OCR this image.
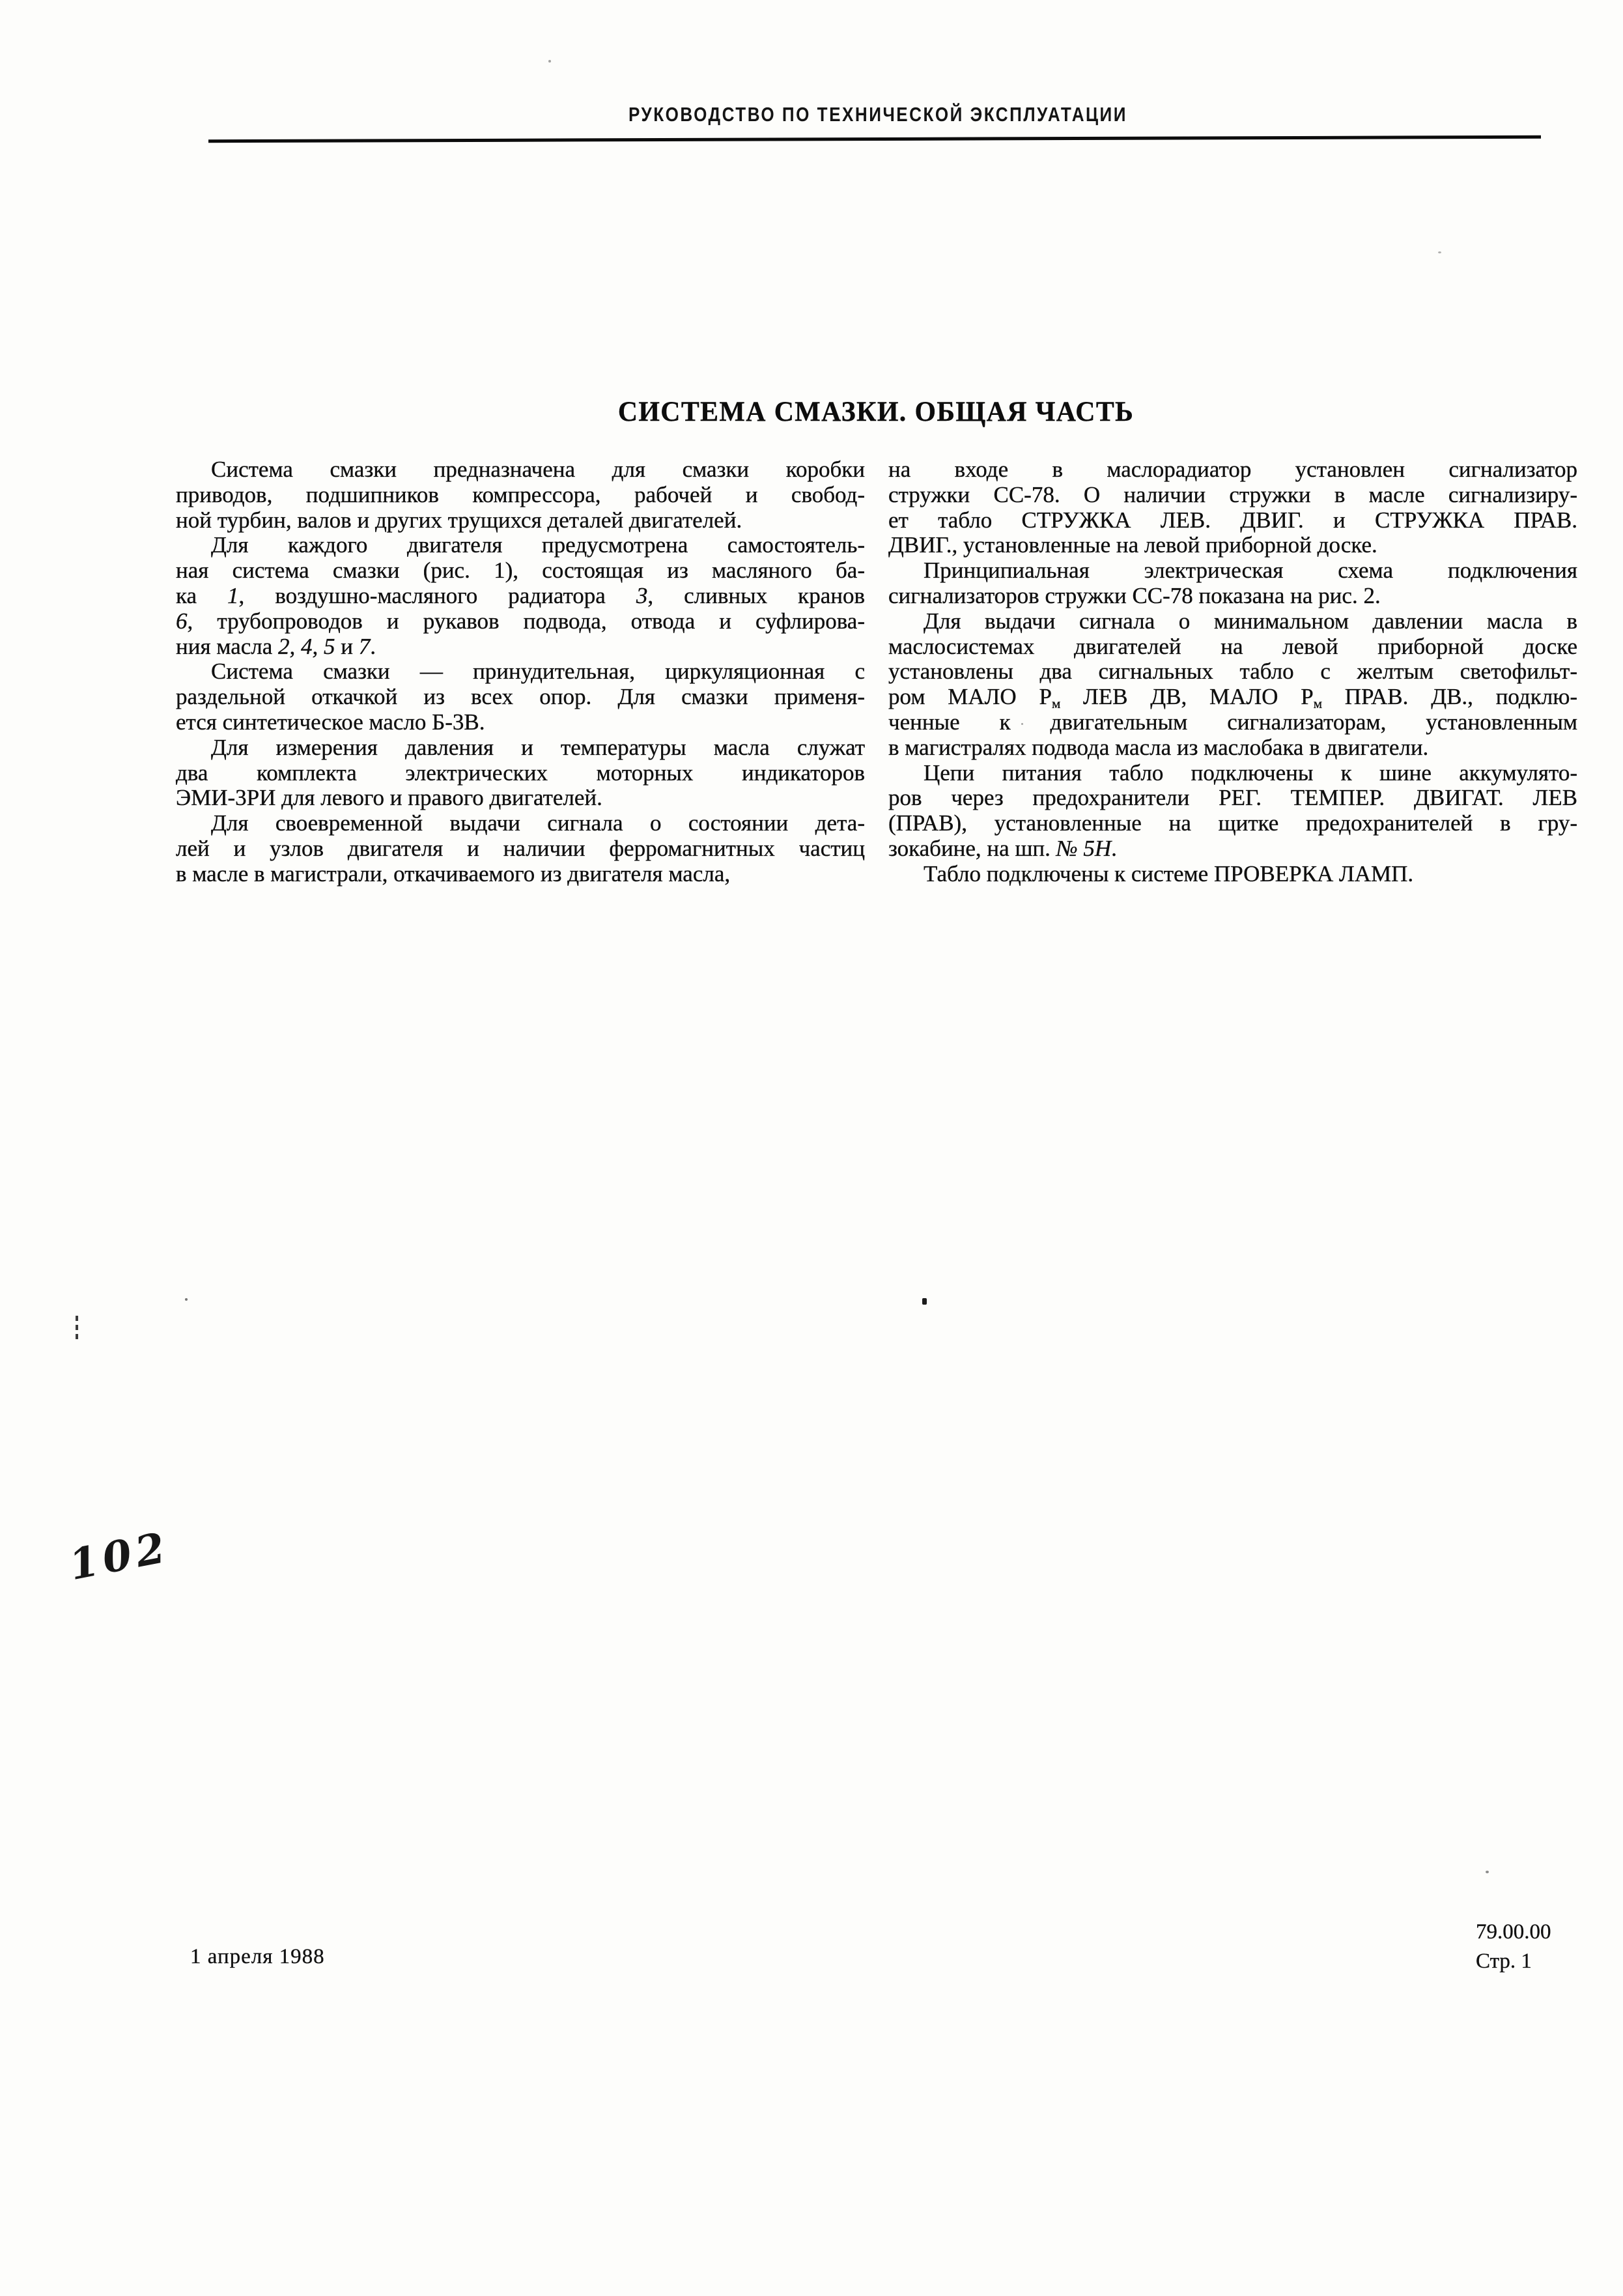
РУКОВОДСТВО ПО ТЕХНИЧЕСКОЙ ЭКСПЛУАТАЦИИ
СИСТЕМА СМАЗКИ. ОБЩАЯ ЧАСТЬ
Система смазки предназначена для смазки коробки
приводов, подшипников компрессора, рабочей и свобод-
ной турбин, валов и других трущихся деталей двигателей.
Для каждого двигателя предусмотрена самостоятель-
ная система смазки (рис. 1), состоящая из масляного ба-
ка 1, воздушно-масляного радиатора 3, сливных кранов
6, трубопроводов и рукавов подвода, отвода и суфлирова-
ния масла 2, 4, 5 и 7.
Система смазки — принудительная, циркуляционная с
раздельной откачкой из всех опор. Для смазки применя-
ется синтетическое масло Б-3В.
Для измерения давления и температуры масла служат
два комплекта электрических моторных индикаторов
ЭМИ-3РИ для левого и правого двигателей.
Для своевременной выдачи сигнала о состоянии дета-
лей и узлов двигателя и наличии ферромагнитных частиц
в масле в магистрали, откачиваемого из двигателя масла,
на входе в маслорадиатор установлен сигнализатор
стружки СС-78. О наличии стружки в масле сигнализиру-
ет табло СТРУЖКА ЛЕВ. ДВИГ. и СТРУЖКА ПРАВ.
ДВИГ., установленные на левой приборной доске.
Принципиальная электрическая схема подключения
сигнализаторов стружки СС-78 показана на рис. 2.
Для выдачи сигнала о минимальном давлении масла в
маслосистемах двигателей на левой приборной доске
установлены два сигнальных табло с желтым светофильт-
ром МАЛО $Р_м$ ЛЕВ ДВ, МАЛО $Р_м$ ПРАВ. ДВ., подклю-
ченные к двигательным сигнализаторам, установленным
в магистралях подвода масла из маслобака в двигатели.
Цепи питания табло подключены к шине аккумулято-
ров через предохранители РЕГ. ТЕМПЕР. ДВИГАТ. ЛЕВ
(ПРАВ), установленные на щитке предохранителей в гру-
зокабине, на шп. № 5Н.
Табло подключены к системе ПРОВЕРКА ЛАМП.
102
1 апреля 1988
79.00.00
Стр. 1
